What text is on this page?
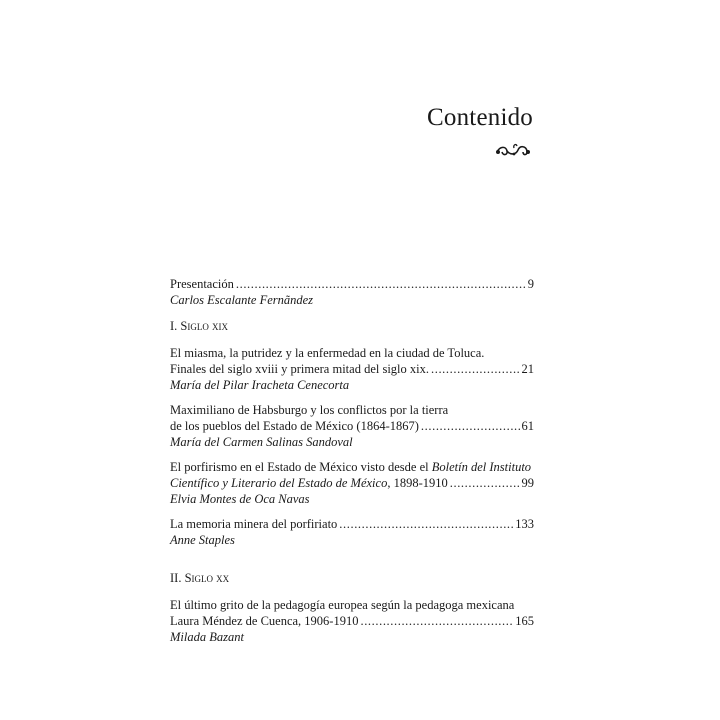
Contenido
Presentación .....	9
Carlos Escalante Fernãndez
I. Siglo xix
El miasma, la putridez y la enfermedad en la ciudad de Toluca.
Finales del siglo xviii y primera mitad del siglo xix. .....	21
María del Pilar Iracheta Cenecorta
Maximiliano de Habsburgo y los conflictos por la tierra
de los pueblos del Estado de México (1864-1867) .....	61
María del Carmen Salinas Sandoval
El porfirismo en el Estado de México visto desde el Boletín del Instituto
Científico y Literario del Estado de México, 1898-1910 .....	99
Elvia Montes de Oca Navas
La memoria minera del porfiriato .....	133
Anne Staples
II. Siglo xx
El último grito de la pedagogía europea según la pedagoga mexicana
Laura Méndez de Cuenca, 1906-1910 .....	165
Milada Bazant
